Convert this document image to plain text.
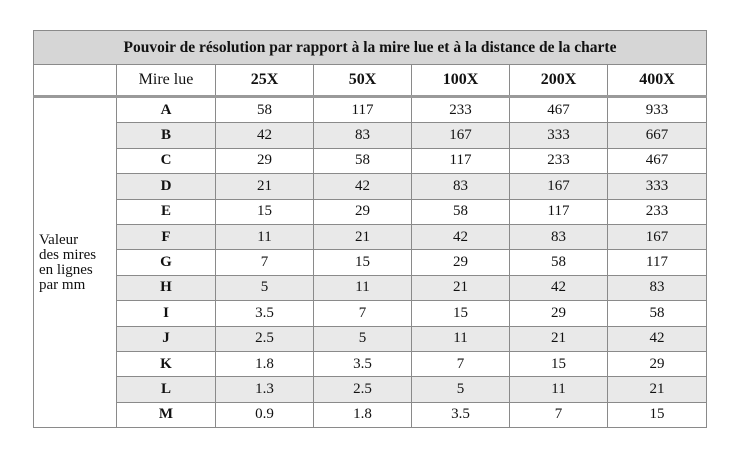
Pouvoir de résolution par rapport à la mire lue et à la distance de la charte						
	Mire lue	25X	50X	100X	200X	400X

Valeur
des mires
en lignes
par mm	A	58	117	233	467	933
	B	42	83	167	333	667
	C	29	58	117	233	467
	D	21	42	83	167	333
	E	15	29	58	117	233
	F	11	21	42	83	167
	G	7	15	29	58	117
	H	5	11	21	42	83
	I	3.5	7	15	29	58
	J	2.5	5	11	21	42
	K	1.8	3.5	7	15	29
	L	1.3	2.5	5	11	21
	M	0.9	1.8	3.5	7	15
